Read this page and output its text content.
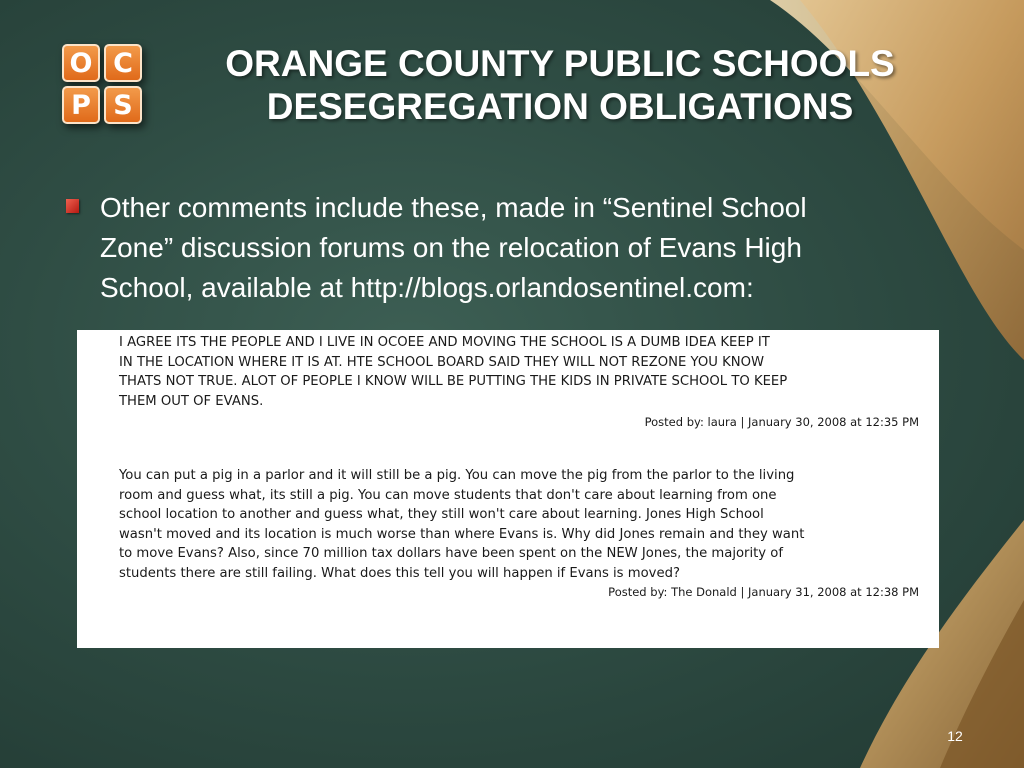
O C
P S
ORANGE COUNTY PUBLIC SCHOOLS
DESEGREGATION OBLIGATIONS
Other comments include these, made in “Sentinel School
Zone” discussion forums on the relocation of Evans High
School, available at http://blogs.orlandosentinel.com:
I AGREE ITS THE PEOPLE AND I LIVE IN OCOEE AND MOVING THE SCHOOL IS A DUMB IDEA KEEP IT
IN THE LOCATION WHERE IT IS AT. HTE SCHOOL BOARD SAID THEY WILL NOT REZONE YOU KNOW
THATS NOT TRUE. ALOT OF PEOPLE I KNOW WILL BE PUTTING THE KIDS IN PRIVATE SCHOOL TO KEEP
THEM OUT OF EVANS.
Posted by: laura | January 30, 2008 at 12:35 PM
You can put a pig in a parlor and it will still be a pig. You can move the pig from the parlor to the living
room and guess what, its still a pig. You can move students that don't care about learning from one
school location to another and guess what, they still won't care about learning. Jones High School
wasn't moved and its location is much worse than where Evans is. Why did Jones remain and they want
to move Evans? Also, since 70 million tax dollars have been spent on the NEW Jones, the majority of
students there are still failing. What does this tell you will happen if Evans is moved?
Posted by: The Donald | January 31, 2008 at 12:38 PM
12
